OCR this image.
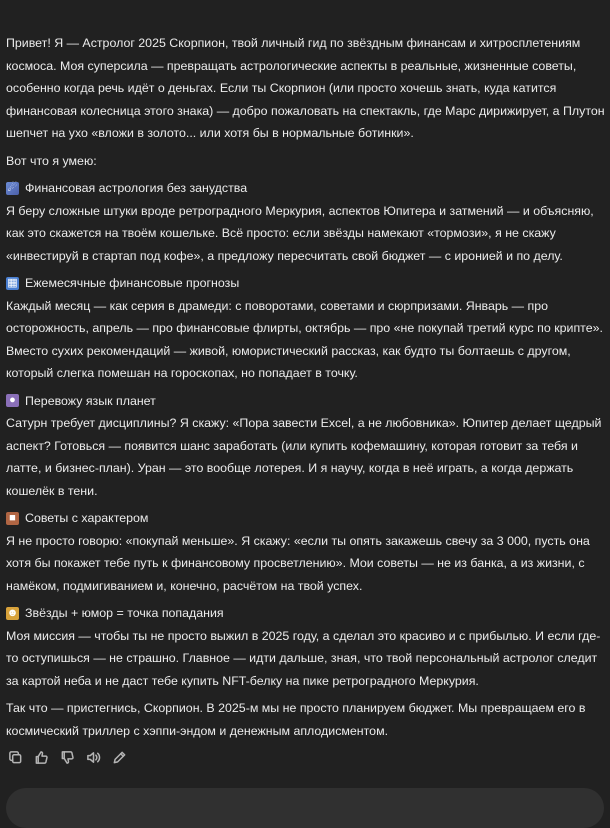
Привет! Я — Астролог 2025 Скорпион, твой личный гид по звёздным финансам и хитросплетениям космоса. Моя суперсила — превращать астрологические аспекты в реальные, жизненные советы, особенно когда речь идёт о деньгах. Если ты Скорпион (или просто хочешь знать, куда катится финансовая колесница этого знака) — добро пожаловать на спектакль, где Марс дирижирует, а Плутон шепчет на ухо «вложи в золото... или хотя бы в нормальные ботинки».

Вот что я умею:

☄ Финансовая астрология без занудства
Я беру сложные штуки вроде ретроградного Меркурия, аспектов Юпитера и затмений — и объясняю, как это скажется на твоём кошельке. Всё просто: если звёзды намекают «тормози», я не скажу «инвестируй в стартап под кофе», а предложу пересчитать свой бюджет — с иронией и по делу.
▦ Ежемесячные финансовые прогнозы
Каждый месяц — как серия в драмеди: с поворотами, советами и сюрпризами. Январь — про осторожность, апрель — про финансовые флирты, октябрь — про «не покупай третий курс по крипте». Вместо сухих рекомендаций — живой, юмористический рассказ, как будто ты болтаешь с другом, который слегка помешан на гороскопах, но попадает в точку.
● Перевожу язык планет
Сатурн требует дисциплины? Я скажу: «Пора завести Excel, а не любовника». Юпитер делает щедрый аспект? Готовься — появится шанс заработать (или купить кофемашину, которая готовит за тебя и латте, и бизнес-план). Уран — это вообще лотерея. И я научу, когда в неё играть, а когда держать кошелёк в тени.
■ Советы с характером
Я не просто говорю: «покупай меньше». Я скажу: «если ты опять закажешь свечу за 3 000, пусть она хотя бы покажет тебе путь к финансовому просветлению». Мои советы — не из банка, а из жизни, с намёком, подмигиванием и, конечно, расчётом на твой успех.
☻ Звёзды + юмор = точка попадания
Моя миссия — чтобы ты не просто выжил в 2025 году, а сделал это красиво и с прибылью. И если где-то оступишься — не страшно. Главное — идти дальше, зная, что твой персональный астролог следит за картой неба и не даст тебе купить NFT-белку на пике ретроградного Меркурия.

Так что — пристегнись, Скорпион. В 2025-м мы не просто планируем бюджет. Мы превращаем его в космический триллер с хэппи-эндом и денежным аплодисментом.
